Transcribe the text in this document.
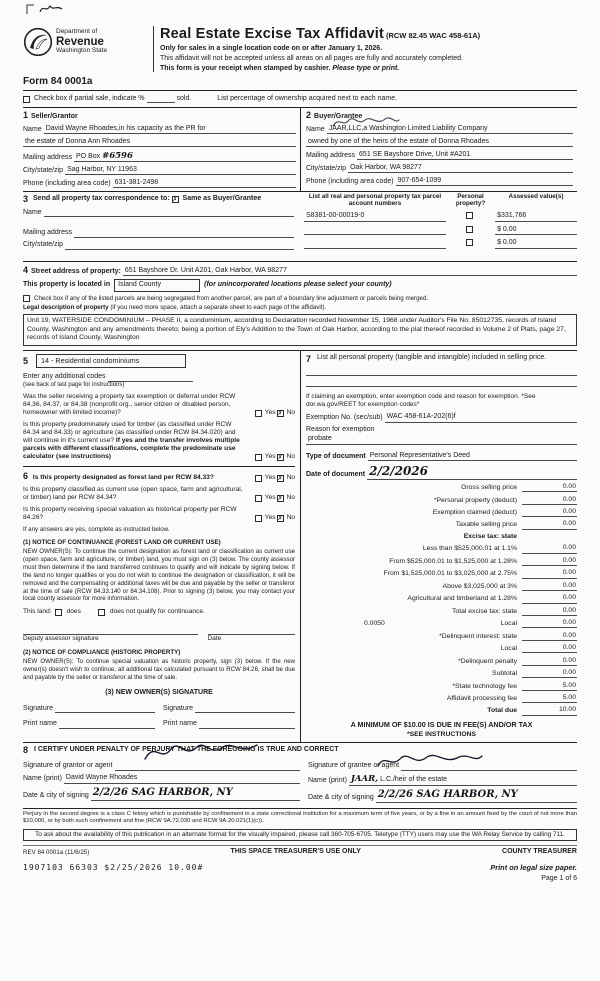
Department of
Revenue
Washington State
Real Estate Excise Tax Affidavit (RCW 82.45 WAC 458-61A)

Only for sales in a single location code on or after January 1, 2026.

This affidavit will not be accepted unless all areas on all pages are fully and accurately completed.

This form is your receipt when stamped by cashier. Please type or print.

Form 84 0001a
Check box if partial sale, indicate %	sold.	List percentage of ownership acquired next to each name.
1 Seller/Grantor
Name David Wayne Rhoades,in his capacity as the PR for
the estate of Donna Ann Rhoades
Mailing address PO Box #6596
City/state/zip Sag Harbor, NY 11963
Phone (including area code) 631-381-2498
2 Buyer/Grantee
Name JAAR,LLC,a Washington Limited Liability Company
owned by one of the heirs of the estate of Donna Rhoades
Mailing address 651 SE Bayshore Drive, Unit #A201
City/state/zip Oak Harbor, WA 98277
Phone (including area code) 907-654-1099
3 Send all property tax correspondence to: ✗ Same as Buyer/Grantee
Name
Mailing address
City/state/zip
List all real and personal property tax parcel account numbers
Personal property?
Assessed value(s)
S8381-00-00019-0	$331,766
$ 0.00
$ 0.00
4 Street address of property: 651 Bayshore Dr. Unit A201, Oak Harbor, WA 98277
This property is located in	Island County	(for unincorporated locations please select your county)
Check box if any of the listed parcels are being segregated from another parcel, are part of a boundary line adjustment or parcels being merged.
Legal description of property (if you need more space, attach a separate sheet to each page of the affidavit).
Unit 19, WATERSIDE CONDOMINIUM – PHASE II, a condominium, according to Declaration recorded November 15, 1968 under Auditor's File No. 85012735, records of Island County, Washington and any amendments thereto; being a portion of Ely's Addition to the Town of Oak Harbor, according to the plat thereof recorded in Volume 2 of Plats, page 27, records of Island County, Washington
5	14 - Residential condominiums
Enter any additional codes
(see back of last page for instructions)
Was the seller receiving a property tax exemption or deferral under RCW 84.36, 84.37, or 84.38 (nonprofit org., senior citizen or disabled person, homeowner with limited income)?	Yes ✗ No
Is this property predominately used for timber (as classified under RCW 84.34 and 84.33) or agriculture (as classified under RCW 84.34.020) and will continue in it's current use? If yes and the transfer involves multiple parcels with different classifications, complete the predominate use calculator (see instructions)	Yes ✗ No
6 Is this property designated as forest land per RCW 84.33?	Yes ✗ No
Is this property classified as current use (open space, farm and agricultural, or timber) land per RCW 84.34?	Yes ✗ No
Is this property receiving special valuation as historical property per RCW 84.26?	Yes ✗ No
If any answers are yes, complete as instructed below.
(1) NOTICE OF CONTINUANCE (FOREST LAND OR CURRENT USE)
NEW OWNER(S): To continue the current designation as forest land or classification as current use (open space, farm and agriculture, or timber) land, you must sign on (3) below. The county assessor must then determine if the land transferred continues to qualify and will indicate by signing below. If the land no longer qualifies or you do not wish to continue the designation or classification, it will be removed and the compensating or additional taxes will be due and payable by the seller or transferor at the time of sale (RCW 84.33.140 or 84.34.108). Prior to signing (3) below, you may contact your local county assessor for more information.
This land: does	does not qualify for continuance.
Deputy assessor signature	Date
(2) NOTICE OF COMPLIANCE (HISTORIC PROPERTY)
NEW OWNER(S): To continue special valuation as historic property, sign (3) below. If the new owner(s) doesn't wish to continue, all additional tax calculated pursuant to RCW 84.26, shall be due and payable by the seller or transferor at the time of sale.
(3) NEW OWNER(S) SIGNATURE
Signature	Signature
Print name	Print name
7 List all personal property (tangible and intangible) included in selling price.
If claiming an exemption, enter exemption code and reason for exemption. *See dor.wa.gov/REET for exemption codes*
Exemption No. (sec/sub) WAC 458-61A-202(6)f
Reason for exemption
probate
Type of document Personal Representative's Deed
Date of document 2/2/2026
Gross selling price	0.00
*Personal property (deduct)	0.00
Exemption claimed (deduct)	0.00
Taxable selling price	0.00
Excise tax: state
Less than $525,000.01 at 1.1%	0.00
From $525,000.01 to $1,525,000 at 1.28%	0.00
From $1,525,000.01 to $3,025,000 at 2.75%	0.00
Above $3,025,000 at 3%	0.00
Agricultural and timberland at 1.28%	0.00
Total excise tax: state	0.00
0.0050	Local	0.00
*Delinquent interest: state	0.00
Local	0.00
*Delinquent penalty	0.00
Subtotal	0.00
*State technology fee	5.00
Affidavit processing fee	5.00
Total due	10.00
A MINIMUM OF $10.00 IS DUE IN FEE(S) AND/OR TAX
*SEE INSTRUCTIONS
8 I CERTIFY UNDER PENALTY OF PERJURY THAT THE FOREGOING IS TRUE AND CORRECT
Signature of grantor or agent
Name (print) David Wayne Rhoades
Date & city of signing 2/2/26 SAG HARBOR, NY
Signature of grantee or agent
Name (print) JAAR, L.C./heir of the estate
Date & city of signing 2/2/26 SAG HARBOR, NY
Perjury in the second degree is a class C felony which is punishable by confinement in a state correctional institution for a maximum term of five years, or by a fine in an amount fixed by the court of not more than $10,000, or by both such confinement and fine (RCW 9A.72.030 and RCW 9A.20.021(1)(c)).
To ask about the availability of this publication in an alternate format for the visually impaired, please call 360-705-6705. Teletype (TTY) users may use the WA Relay Service by calling 711.
REV 84 0001a (11/6/25)	THIS SPACE TREASURER'S USE ONLY	COUNTY TREASURER
1907103 66303 $2/25/2026 10.00#	Print on legal size paper.
Page 1 of 6
